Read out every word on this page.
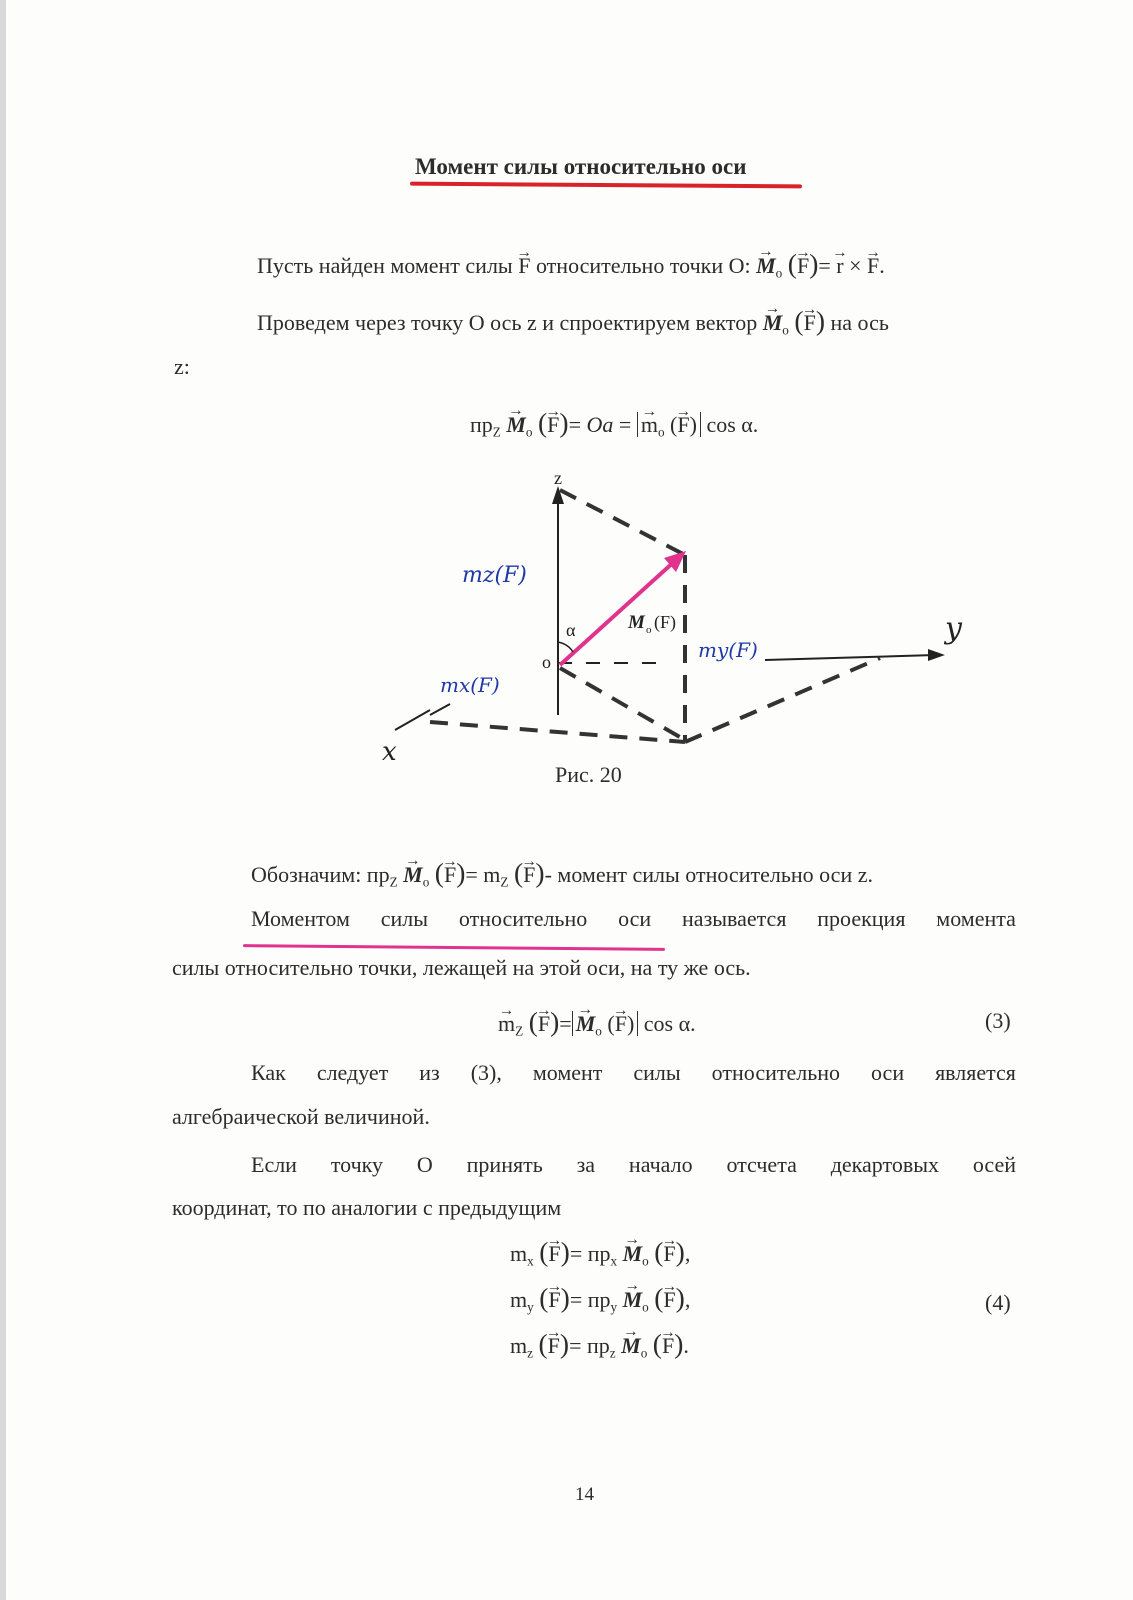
Момент силы относительно оси
Пусть найден момент силы → F относительно точки O: → $M_o$ (→ F)= → r × → F.
Проведем через точку O ось z и спроектируем вектор → $M_o$ (→ F) на ось
z:
$пр_Z \to M_o$ (→ F)= Oa = → $m_o$ (→ F) cos α.
z
α
o
M o (F)	y
x
mz(F)
my(F)
mx(F)
Рис. 20
Обозначим: $пр_Z \to M_o$ (→ $F)= m_Z$ (→ F)- момент силы относительно оси z.
Моментом силы относительно оси называется проекция момента
силы относительно точки, лежащей на этой оси, на ту же ось.
→ $m_Z$ (→ $F)= \to M_o$ (→ F) cos α.	(3)
Как следует из (3), момент силы относительно оси является
алгебраической величиной.
Если точку O принять за начало отсчета декартовых осей
координат, то по аналогии с предыдущим
$m_x$ (→ $F)= пр_x \to M_o$ (→ F),
$m_y$ (→ $F)= пр_y \to M_o$ (→ F),
$m_z$ (→ $F)= пр_z \to M_o$ (→ F).
(4)
14
